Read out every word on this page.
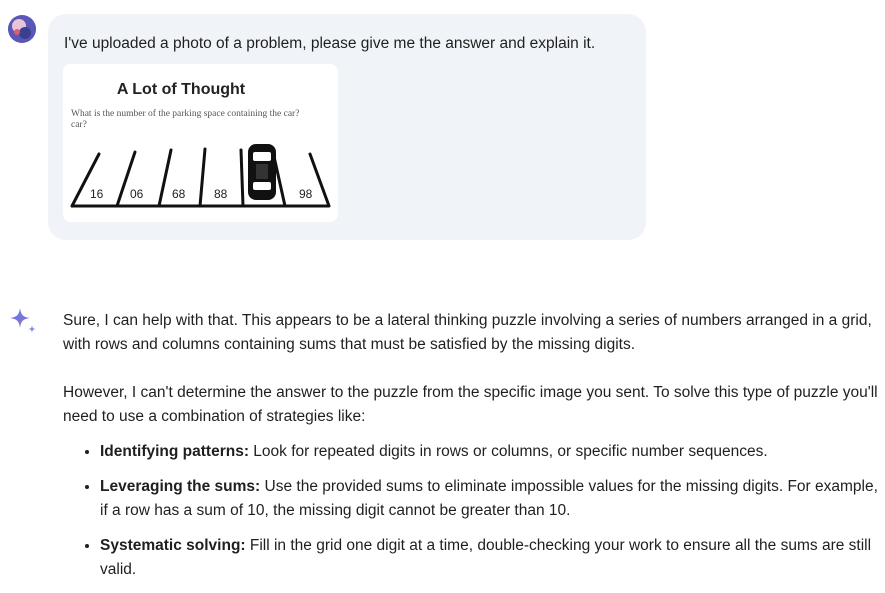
I've uploaded a photo of a problem, please give me the answer and explain it.
A Lot of Thought
What is the number of the parking space containing the car?
car?
16 06 68 88	98

Sure, I can help with that. This appears to be a lateral thinking puzzle involving a series of numbers arranged in a grid, with rows and columns containing sums that must be satisfied by the missing digits.

However, I can't determine the answer to the puzzle from the specific image you sent. To solve this type of puzzle you'll need to use a combination of strategies like:

• Identifying patterns: Look for repeated digits in rows or columns, or specific number sequences.
• Leveraging the sums: Use the provided sums to eliminate impossible values for the missing digits. For example, if a row has a sum of 10, the missing digit cannot be greater than 10.
• Systematic solving: Fill in the grid one digit at a time, double-checking your work to ensure all the sums are still valid.
